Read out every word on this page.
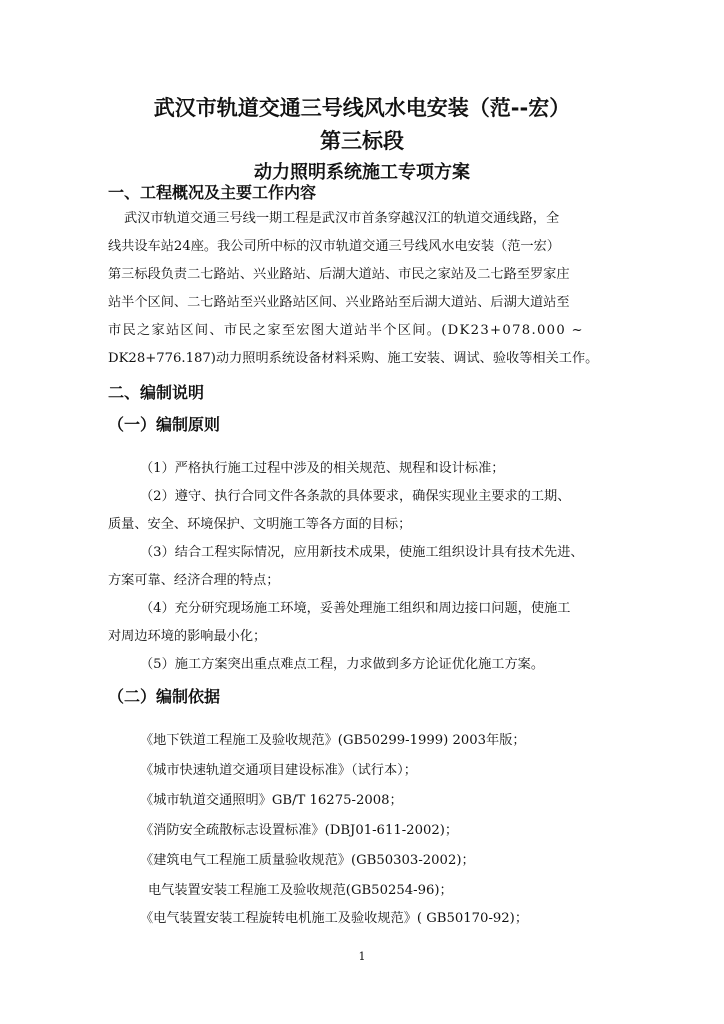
武汉市轨道交通三号线风水电安装（范--宏）
第三标段
动力照明系统施工专项方案
一、工程概况及主要工作内容

武汉市轨道交通三号线一期工程是武汉市首条穿越汉江的轨道交通线路，全

线共设车站24座。我公司所中标的汉市轨道交通三号线风水电安装（范一宏）

第三标段负责二七路站、兴业路站、后湖大道站、市民之家站及二七路至罗家庄

站半个区间、二七路站至兴业路站区间、兴业路站至后湖大道站、后湖大道站至

市民之家站区间、市民之家至宏图大道站半个区间。(DK23+078.000 ~

DK28+776.187)动力照明系统设备材料采购、施工安装、调试、验收等相关工作。

二、编制说明
（一）编制原则

（1）严格执行施工过程中涉及的相关规范、规程和设计标准；

（2）遵守、执行合同文件各条款的具体要求，确保实现业主要求的工期、

质量、安全、环境保护、文明施工等各方面的目标；

（3）结合工程实际情况，应用新技术成果，使施工组织设计具有技术先进、

方案可靠、经济合理的特点；

（4）充分研究现场施工环境，妥善处理施工组织和周边接口问题，使施工

对周边环境的影响最小化；

（5）施工方案突出重点难点工程，力求做到多方论证优化施工方案。

（二）编制依据

《地下铁道工程施工及验收规范》(GB50299-1999) 2003年版；

《城市快速轨道交通项目建设标准》（试行本）；

《城市轨道交通照明》GB/T 16275-2008；

《消防安全疏散标志设置标准》(DBJ01-611-2002)；

《建筑电气工程施工质量验收规范》(GB50303-2002)；

电气装置安装工程施工及验收规范(GB50254-96)；

《电气装置安装工程旋转电机施工及验收规范》( GB50170-92)；

1
